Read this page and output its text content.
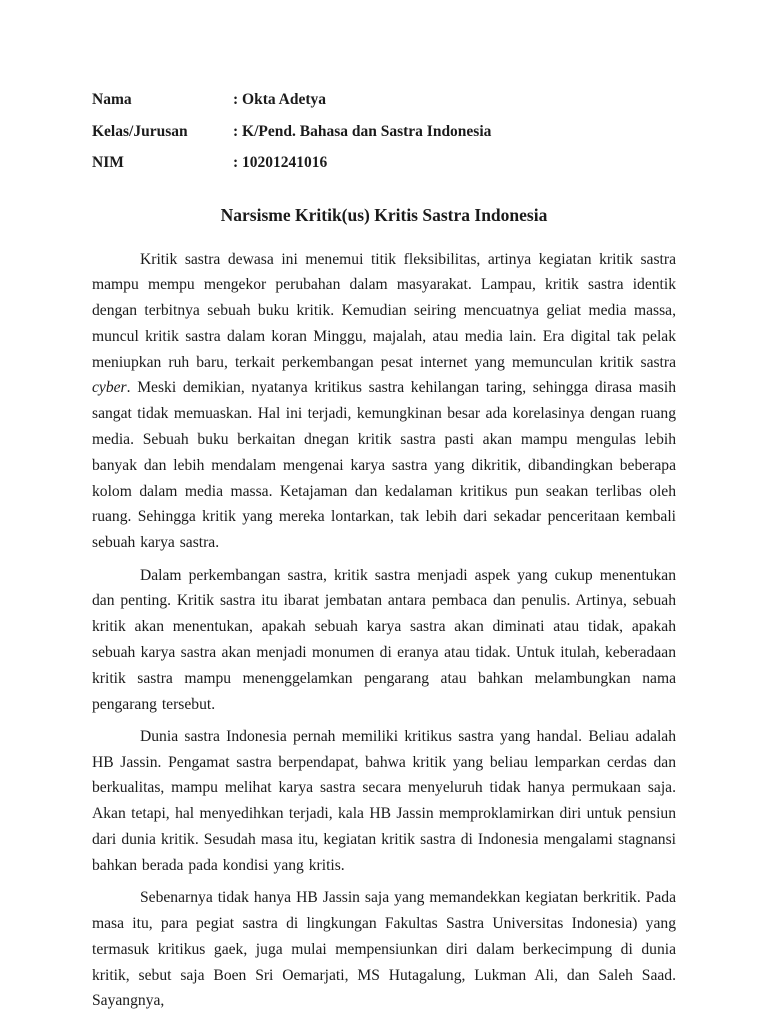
Nama	: Okta Adetya
Kelas/Jurusan	: K/Pend. Bahasa dan Sastra Indonesia
NIM	: 10201241016
Narsisme Kritik(us) Kritis Sastra Indonesia

Kritik sastra dewasa ini menemui titik fleksibilitas, artinya kegiatan kritik sastra mampu mempu mengekor perubahan dalam masyarakat. Lampau, kritik sastra identik dengan terbitnya sebuah buku kritik. Kemudian seiring mencuatnya geliat media massa, muncul kritik sastra dalam koran Minggu, majalah, atau media lain. Era digital tak pelak meniupkan ruh baru, terkait perkembangan pesat internet yang memunculan kritik sastra cyber. Meski demikian, nyatanya kritikus sastra kehilangan taring, sehingga dirasa masih sangat tidak memuaskan. Hal ini terjadi, kemungkinan besar ada korelasinya dengan ruang media. Sebuah buku berkaitan dnegan kritik sastra pasti akan mampu mengulas lebih banyak dan lebih mendalam mengenai karya sastra yang dikritik, dibandingkan beberapa kolom dalam media massa. Ketajaman dan kedalaman kritikus pun seakan terlibas oleh ruang. Sehingga kritik yang mereka lontarkan, tak lebih dari sekadar penceritaan kembali sebuah karya sastra.

Dalam perkembangan sastra, kritik sastra menjadi aspek yang cukup menentukan dan penting. Kritik sastra itu ibarat jembatan antara pembaca dan penulis. Artinya, sebuah kritik akan menentukan, apakah sebuah karya sastra akan diminati atau tidak, apakah sebuah karya sastra akan menjadi monumen di eranya atau tidak. Untuk itulah, keberadaan kritik sastra mampu menenggelamkan pengarang atau bahkan melambungkan nama pengarang tersebut.

Dunia sastra Indonesia pernah memiliki kritikus sastra yang handal. Beliau adalah HB Jassin. Pengamat sastra berpendapat, bahwa kritik yang beliau lemparkan cerdas dan berkualitas, mampu melihat karya sastra secara menyeluruh tidak hanya permukaan saja. Akan tetapi, hal menyedihkan terjadi, kala HB Jassin memproklamirkan diri untuk pensiun dari dunia kritik. Sesudah masa itu, kegiatan kritik sastra di Indonesia mengalami stagnansi bahkan berada pada kondisi yang kritis.

Sebenarnya tidak hanya HB Jassin saja yang memandekkan kegiatan berkritik. Pada masa itu, para pegiat sastra di lingkungan Fakultas Sastra Universitas Indonesia) yang termasuk kritikus gaek, juga mulai mempensiunkan diri dalam berkecimpung di dunia kritik, sebut saja Boen Sri Oemarjati, MS Hutagalung, Lukman Ali, dan Saleh Saad. Sayangnya,
